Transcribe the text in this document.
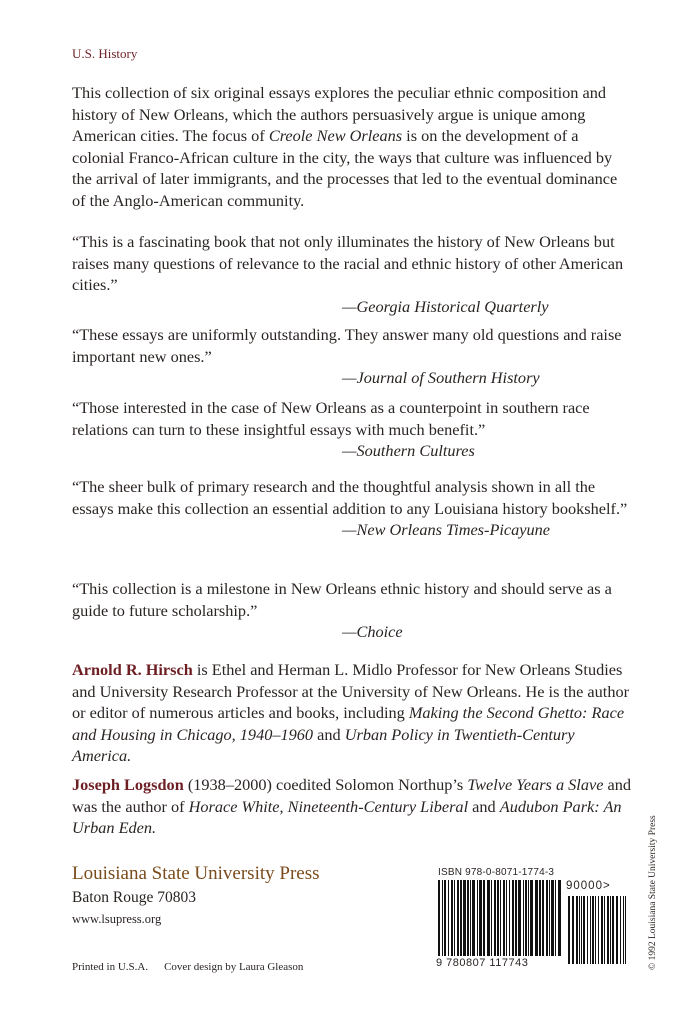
U.S. History

This collection of six original essays explores the peculiar ethnic composition and history of New Orleans, which the authors persuasively argue is unique among American cities. The focus of Creole New Orleans is on the development of a colonial Franco-African culture in the city, the ways that culture was influenced by the arrival of later immigrants, and the processes that led to the eventual dominance of the Anglo-American community.

“This is a fascinating book that not only illuminates the history of New Orleans but raises many questions of relevance to the racial and ethnic history of other American cities.”
—Georgia Historical Quarterly

“These essays are uniformly outstanding. They answer many old questions and raise important new ones.”
—Journal of Southern History

“Those interested in the case of New Orleans as a counterpoint in southern race relations can turn to these insightful essays with much benefit.”
—Southern Cultures

“The sheer bulk of primary research and the thoughtful analysis shown in all the essays make this collection an essential addition to any Louisiana history bookshelf.”
—New Orleans Times-Picayune

“This collection is a milestone in New Orleans ethnic history and should serve as a guide to future scholarship.”
—Choice

Arnold R. Hirsch is Ethel and Herman L. Midlo Professor for New Orleans Studies and University Research Professor at the University of New Orleans. He is the author or editor of numerous articles and books, including Making the Second Ghetto: Race and Housing in Chicago, 1940–1960 and Urban Policy in Twentieth-Century America.

Joseph Logsdon (1938–2000) coedited Solomon Northup’s Twelve Years a Slave and was the author of Horace White, Nineteenth-Century Liberal and Audubon Park: An Urban Eden.

Louisiana State University Press
Baton Rouge 70803
www.lsupress.org
Printed in U.S.A. Cover design by Laura Gleason	© 1992 Louisiana State University Press
ISBN 978-0-8071-1774-3
90000>
9 780807 117743
